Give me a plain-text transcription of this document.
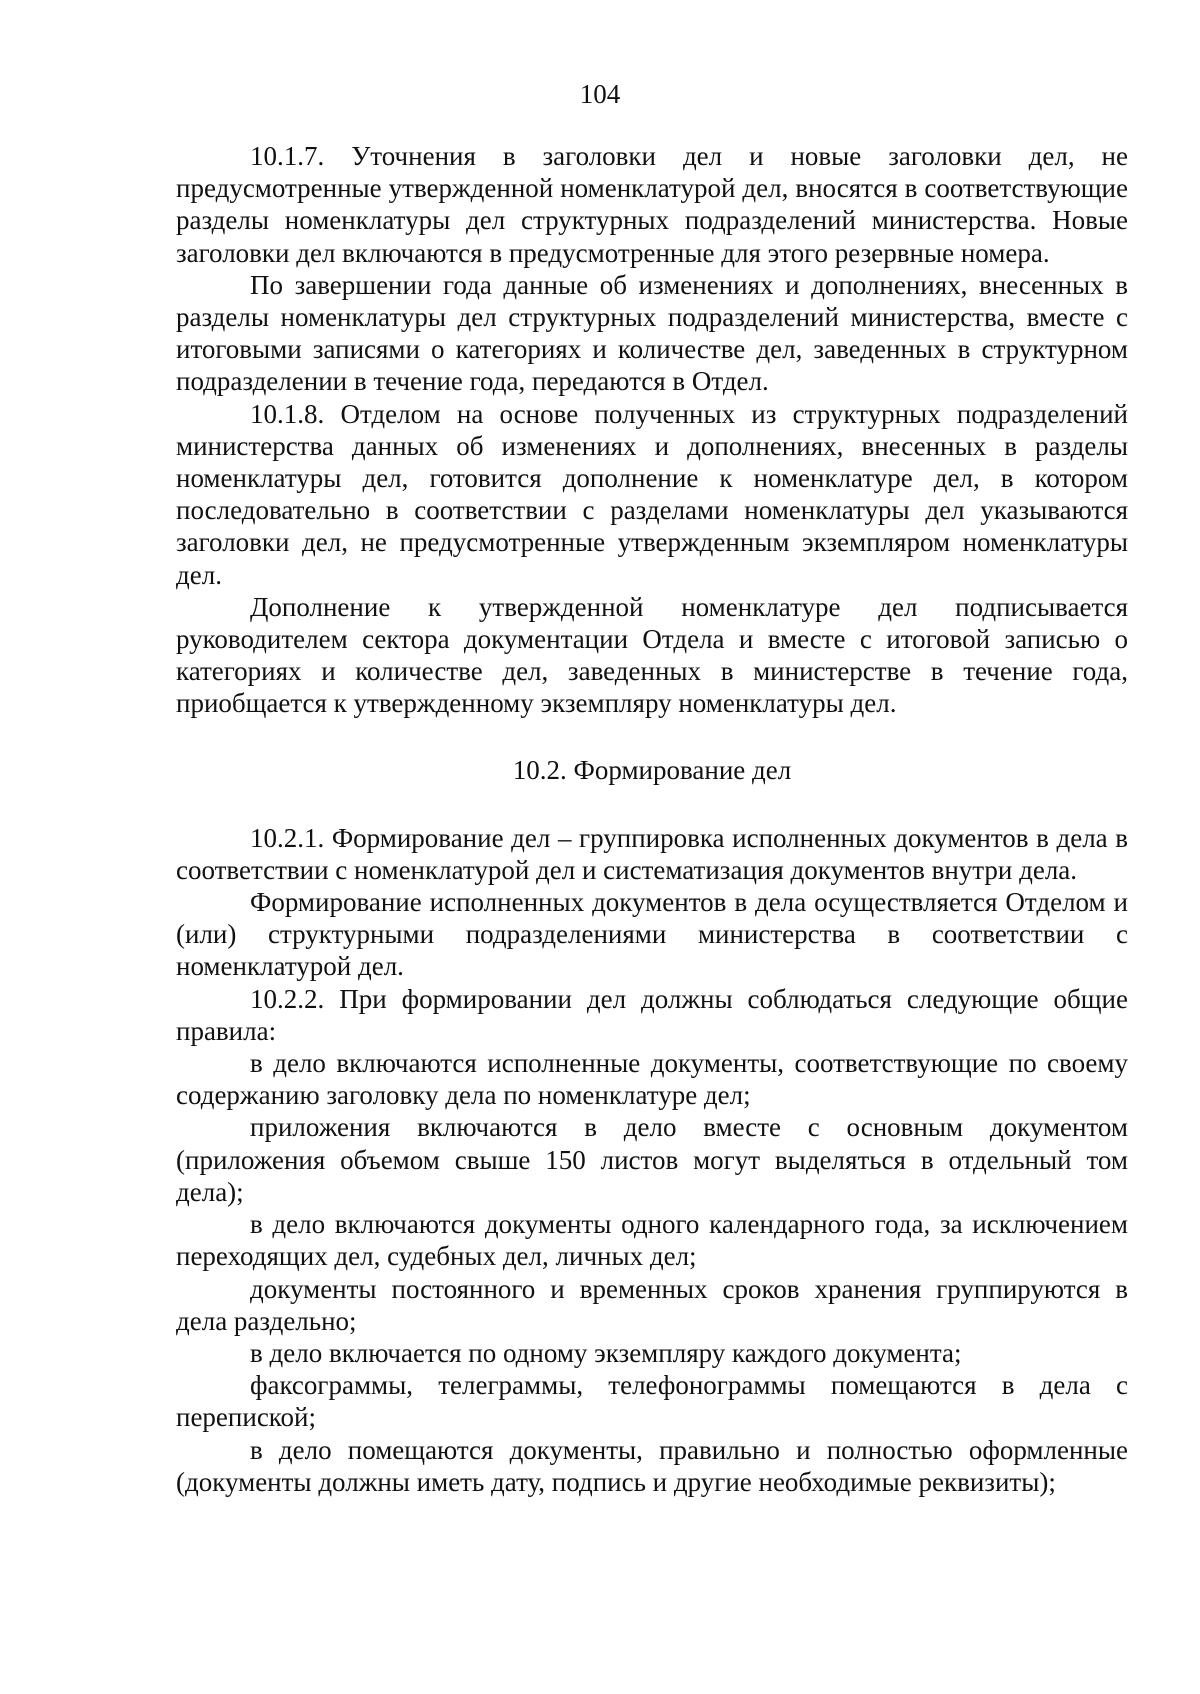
104

10.1.7. Уточнения в заголовки дел и новые заголовки дел, не предусмотренные утвержденной номенклатурой дел, вносятся в соответствующие разделы номенклатуры дел структурных подразделений министерства. Новые заголовки дел включаются в предусмотренные для этого резервные номера.

По завершении года данные об изменениях и дополнениях, внесенных в разделы номенклатуры дел структурных подразделений министерства, вместе с итоговыми записями о категориях и количестве дел, заведенных в структурном подразделении в течение года, передаются в Отдел.

10.1.8. Отделом на основе полученных из структурных подразделений министерства данных об изменениях и дополнениях, внесенных в разделы номенклатуры дел, готовится дополнение к номенклатуре дел, в котором последовательно в соответствии с разделами номенклатуры дел указываются заголовки дел, не предусмотренные утвержденным экземпляром номенклатуры дел.

Дополнение к утвержденной номенклатуре дел подписывается руководителем сектора документации Отдела и вместе с итоговой записью о категориях и количестве дел, заведенных в министерстве в течение года, приобщается к утвержденному экземпляру номенклатуры дел.

10.2. Формирование дел

10.2.1. Формирование дел – группировка исполненных документов в дела в соответствии с номенклатурой дел и систематизация документов внутри дела.

Формирование исполненных документов в дела осуществляется Отделом и (или) структурными подразделениями министерства в соответствии с номенклатурой дел.

10.2.2. При формировании дел должны соблюдаться следующие общие правила:

в дело включаются исполненные документы, соответствующие по своему содержанию заголовку дела по номенклатуре дел;

приложения включаются в дело вместе с основным документом (приложения объемом свыше 150 листов могут выделяться в отдельный том дела);

в дело включаются документы одного календарного года, за исключением переходящих дел, судебных дел, личных дел;

документы постоянного и временных сроков хранения группируются в дела раздельно;

в дело включается по одному экземпляру каждого документа;

факсограммы, телеграммы, телефонограммы помещаются в дела с перепиской;

в дело помещаются документы, правильно и полностью оформленные (документы должны иметь дату, подпись и другие необходимые реквизиты);
